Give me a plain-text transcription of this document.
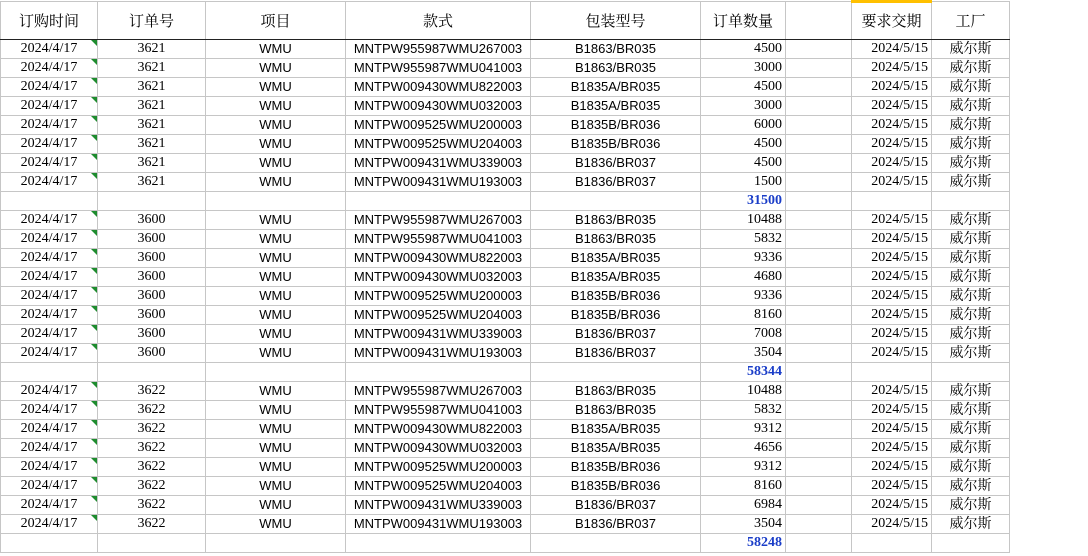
订购时间	订单号	项目	款式	包装型号	订单数量		要求交期	工厂

2024/4/17	3621	WMU	MNTPW955987WMU267003	B1863/BR035	4500		2024/5/15	威尔斯

2024/4/17	3621	WMU	MNTPW955987WMU041003	B1863/BR035	3000		2024/5/15	威尔斯

2024/4/17	3621	WMU	MNTPW009430WMU822003	B1835A/BR035	4500		2024/5/15	威尔斯

2024/4/17	3621	WMU	MNTPW009430WMU032003	B1835A/BR035	3000		2024/5/15	威尔斯

2024/4/17	3621	WMU	MNTPW009525WMU200003	B1835B/BR036	6000		2024/5/15	威尔斯

2024/4/17	3621	WMU	MNTPW009525WMU204003	B1835B/BR036	4500		2024/5/15	威尔斯

2024/4/17	3621	WMU	MNTPW009431WMU339003	B1836/BR037	4500		2024/5/15	威尔斯

2024/4/17	3621	WMU	MNTPW009431WMU193003	B1836/BR037	1500		2024/5/15	威尔斯
					31500			

2024/4/17	3600	WMU	MNTPW955987WMU267003	B1863/BR035	10488		2024/5/15	威尔斯

2024/4/17	3600	WMU	MNTPW955987WMU041003	B1863/BR035	5832		2024/5/15	威尔斯

2024/4/17	3600	WMU	MNTPW009430WMU822003	B1835A/BR035	9336		2024/5/15	威尔斯

2024/4/17	3600	WMU	MNTPW009430WMU032003	B1835A/BR035	4680		2024/5/15	威尔斯

2024/4/17	3600	WMU	MNTPW009525WMU200003	B1835B/BR036	9336		2024/5/15	威尔斯

2024/4/17	3600	WMU	MNTPW009525WMU204003	B1835B/BR036	8160		2024/5/15	威尔斯

2024/4/17	3600	WMU	MNTPW009431WMU339003	B1836/BR037	7008		2024/5/15	威尔斯

2024/4/17	3600	WMU	MNTPW009431WMU193003	B1836/BR037	3504		2024/5/15	威尔斯
					58344			

2024/4/17	3622	WMU	MNTPW955987WMU267003	B1863/BR035	10488		2024/5/15	威尔斯

2024/4/17	3622	WMU	MNTPW955987WMU041003	B1863/BR035	5832		2024/5/15	威尔斯

2024/4/17	3622	WMU	MNTPW009430WMU822003	B1835A/BR035	9312		2024/5/15	威尔斯

2024/4/17	3622	WMU	MNTPW009430WMU032003	B1835A/BR035	4656		2024/5/15	威尔斯

2024/4/17	3622	WMU	MNTPW009525WMU200003	B1835B/BR036	9312		2024/5/15	威尔斯

2024/4/17	3622	WMU	MNTPW009525WMU204003	B1835B/BR036	8160		2024/5/15	威尔斯

2024/4/17	3622	WMU	MNTPW009431WMU339003	B1836/BR037	6984		2024/5/15	威尔斯

2024/4/17	3622	WMU	MNTPW009431WMU193003	B1836/BR037	3504		2024/5/15	威尔斯
					58248			
